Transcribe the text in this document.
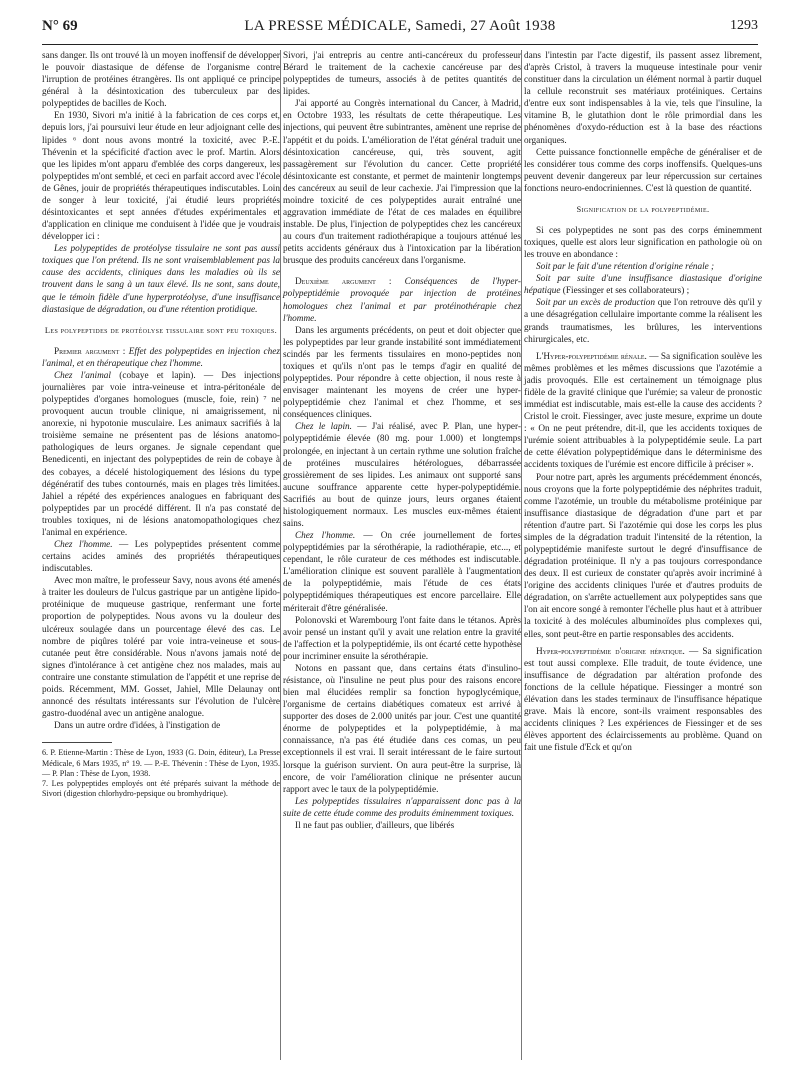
N° 69	LA PRESSE MÉDICALE, Samedi, 27 Août 1938	1293

sans danger. Ils ont trouvé là un moyen inoffensif de développer le pouvoir diastasique de défense de l'organisme contre l'irruption de protéines étrangères. Ils ont appliqué ce principe général à la désintoxication des tuberculeux par des polypeptides de bacilles de Koch.

En 1930, Sivori m'a initié à la fabrication de ces corps et, depuis lors, j'ai poursuivi leur étude en leur adjoignant celle des lipides ⁶ dont nous avons montré la toxicité, avec P.-E. Thévenin et la spécificité d'action avec le prof. Martin. Alors que les lipides m'ont apparu d'emblée des corps dangereux, les polypeptides m'ont semblé, et ceci en parfait accord avec l'école de Gênes, jouir de propriétés thérapeutiques indiscutables. Loin de songer à leur toxicité, j'ai étudié leurs propriétés désintoxicantes et sept années d'études expérimentales et d'application en clinique me conduisent à l'idée que je voudrais développer ici :

Les polypeptides de protéolyse tissulaire ne sont pas aussi toxiques que l'on prétend. Ils ne sont vraisemblablement pas la cause des accidents, cliniques dans les maladies où ils se trouvent dans le sang à un taux élevé. Ils ne sont, sans doute, que le témoin fidèle d'une hyperprotéolyse, d'une insuffisance diastasique de dégradation, ou d'une rétention protidique.

Les polypeptides de protéolyse tissulaire sont peu toxiques.

Premier argument : Effet des polypeptides en injection chez l'animal, et en thérapeutique chez l'homme.

Chez l'animal (cobaye et lapin). — Des injections journalières par voie intra-veineuse et intra-péritonéale de polypeptides d'organes homologues (muscle, foie, rein) ⁷ ne provoquent aucun trouble clinique, ni amaigrissement, ni anorexie, ni hypotonie musculaire. Les animaux sacrifiés à la troisième semaine ne présentent pas de lésions anatomo-pathologiques de leurs organes. Je signale cependant que Benedicenti, en injectant des polypeptides de rein de cobaye à des cobayes, a décelé histologiquement des lésions du type dégénératif des tubes contournés, mais en plages très limitées. Jahiel a répété des expériences analogues en fabriquant des polypeptides par un procédé différent. Il n'a pas constaté de troubles toxiques, ni de lésions anatomopathologiques chez l'animal en expérience.

Chez l'homme. — Les polypeptides présentent comme certains acides aminés des propriétés thérapeutiques indiscutables.

Avec mon maître, le professeur Savy, nous avons été amenés à traiter les douleurs de l'ulcus gastrique par un antigène lipido-protéinique de muqueuse gastrique, renfermant une forte proportion de polypeptides. Nous avons vu la douleur des ulcéreux soulagée dans un pourcentage élevé des cas. Le nombre de piqûres toléré par voie intra-veineuse et sous-cutanée peut être considérable. Nous n'avons jamais noté de signes d'intolérance à cet antigène chez nos malades, mais au contraire une constante stimulation de l'appétit et une reprise de poids. Récemment, MM. Gosset, Jahiel, Mlle Delaunay ont annoncé des résultats intéressants sur l'évolution de l'ulcère gastro-duodénal avec un antigène analogue.

Dans un autre ordre d'idées, à l'instigation de

6. P. Etienne-Martin : Thèse de Lyon, 1933 (G. Doin, éditeur), La Presse Médicale, 6 Mars 1935, n° 19. — P.-E. Thévenin : Thèse de Lyon, 1935. — P. Plan : Thèse de Lyon, 1938.

7. Les polypeptides employés ont été préparés suivant la méthode de Sivori (digestion chlorhydro-pepsique ou bromhydrique).

Sivori, j'ai entrepris au centre anti-cancéreux du professeur Bérard le traitement de la cachexie cancéreuse par des polypeptides de tumeurs, associés à de petites quantités de lipides.

J'ai apporté au Congrès international du Cancer, à Madrid, en Octobre 1933, les résultats de cette thérapeutique. Les injections, qui peuvent être subintrantes, amènent une reprise de l'appétit et du poids. L'amélioration de l'état général traduit une désintoxication cancéreuse, qui, très souvent, agit passagèrement sur l'évolution du cancer. Cette propriété désintoxicante est constante, et permet de maintenir longtemps des cancéreux au seuil de leur cachexie. J'ai l'impression que la moindre toxicité de ces polypeptides aurait entraîné une aggravation immédiate de l'état de ces malades en équilibre instable. De plus, l'injection de polypeptides chez les cancéreux au cours d'un traitement radiothérapique a toujours atténué les petits accidents généraux dus à l'intoxication par la libération brusque des produits cancéreux dans l'organisme.

Deuxième argument : Conséquences de l'hyper-polypeptidémie provoquée par injection de protéines homologues chez l'animal et par protéinothérapie chez l'homme.

Dans les arguments précédents, on peut et doit objecter que les polypeptides par leur grande instabilité sont immédiatement scindés par les ferments tissulaires en mono-peptides non toxiques et qu'ils n'ont pas le temps d'agir en qualité de polypeptides. Pour répondre à cette objection, il nous reste à envisager maintenant les moyens de créer une hyper-polypeptidémie chez l'animal et chez l'homme, et ses conséquences cliniques.

Chez le lapin. — J'ai réalisé, avec P. Plan, une hyper-polypeptidémie élevée (80 mg. pour 1.000) et longtemps prolongée, en injectant à un certain rythme une solution fraîche de protéines musculaires hétérologues, débarrassée grossièrement de ses lipides. Les animaux ont supporté sans aucune souffrance apparente cette hyper-polypeptidémie. Sacrifiés au bout de quinze jours, leurs organes étaient histologiquement normaux. Les muscles eux-mêmes étaient sains.

Chez l'homme. — On crée journellement de fortes polypeptidémies par la sérothérapie, la radiothérapie, etc..., et cependant, le rôle curateur de ces méthodes est indiscutable. L'amélioration clinique est souvent parallèle à l'augmentation de la polypeptidémie, mais l'étude de ces états polypeptidémiques thérapeutiques est encore parcellaire. Elle mériterait d'être généralisée.

Polonovski et Warembourg l'ont faite dans le tétanos. Après avoir pensé un instant qu'il y avait une relation entre la gravité de l'affection et la polypeptidémie, ils ont écarté cette hypothèse pour incriminer ensuite la sérothérapie.

Notons en passant que, dans certains états d'insulino-résistance, où l'insuline ne peut plus pour des raisons encore bien mal élucidées remplir sa fonction hypoglycémique, l'organisme de certains diabétiques comateux est arrivé à supporter des doses de 2.000 unités par jour. C'est une quantité énorme de polypeptides et la polypeptidémie, à ma connaissance, n'a pas été étudiée dans ces comas, un peu exceptionnels il est vrai. Il serait intéressant de le faire surtout lorsque la guérison survient. On aura peut-être la surprise, là encore, de voir l'amélioration clinique ne présenter aucun rapport avec le taux de la polypeptidémie.

Les polypeptides tissulaires n'apparaissent donc pas à la suite de cette étude comme des produits éminemment toxiques.

Il ne faut pas oublier, d'ailleurs, que libérés

dans l'intestin par l'acte digestif, ils passent assez librement, d'après Cristol, à travers la muqueuse intestinale pour venir constituer dans la circulation un élément normal à partir duquel la cellule reconstruit ses matériaux protéiniques. Certains d'entre eux sont indispensables à la vie, tels que l'insuline, la vitamine B, le glutathion dont le rôle primordial dans les phénomènes d'oxydo-réduction est à la base des réactions organiques.

Cette puissance fonctionnelle empêche de généraliser et de les considérer tous comme des corps inoffensifs. Quelques-uns peuvent devenir dangereux par leur répercussion sur certaines fonctions neuro-endocriniennes. C'est là question de quantité.

Signification de la polypeptidémie.

Si ces polypeptides ne sont pas des corps éminemment toxiques, quelle est alors leur signification en pathologie où on les trouve en abondance :

Soit par le fait d'une rétention d'origine rénale ;

Soit par suite d'une insuffisance diastasique d'origine hépatique (Fiessinger et ses collaborateurs) ;

Soit par un excès de production que l'on retrouve dès qu'il y a une désagrégation cellulaire importante comme la réalisent les grands traumatismes, les brûlures, les interventions chirurgicales, etc.

L'Hyper-polypeptidémie rénale. — Sa signification soulève les mêmes problèmes et les mêmes discussions que l'azotémie a jadis provoqués. Elle est certainement un témoignage plus fidèle de la gravité clinique que l'urémie; sa valeur de pronostic immédiat est indiscutable, mais est-elle la cause des accidents ? Cristol le croit. Fiessinger, avec juste mesure, exprime un doute : « On ne peut prétendre, dit-il, que les accidents toxiques de l'urémie soient attribuables à la polypeptidémie seule. La part de cette élévation polypeptidémique dans le déterminisme des accidents toxiques de l'urémie est encore difficile à préciser ».

Pour notre part, après les arguments précédemment énoncés, nous croyons que la forte polypeptidémie des néphrites traduit, comme l'azotémie, un trouble du métabolisme protéinique par insuffisance diastasique de dégradation d'une part et par rétention d'autre part. Si l'azotémie qui dose les corps les plus simples de la dégradation traduit l'intensité de la rétention, la polypeptidémie manifeste surtout le degré d'insuffisance de dégradation protéinique. Il n'y a pas toujours correspondance des deux. Il est curieux de constater qu'après avoir incriminé à l'origine des accidents cliniques l'urée et d'autres produits de dégradation, on s'arrête actuellement aux polypeptides sans que l'on ait encore songé à remonter l'échelle plus haut et à attribuer la toxicité à des molécules albuminoïdes plus complexes qui, elles, sont peut-être en partie responsables des accidents.

Hyper-polypeptidémie d'origine hépatique. — Sa signification est tout aussi complexe. Elle traduit, de toute évidence, une insuffisance de dégradation par altération profonde des fonctions de la cellule hépatique. Fiessinger a montré son élévation dans les stades terminaux de l'insuffisance hépatique grave. Mais là encore, sont-ils vraiment responsables des accidents cliniques ? Les expériences de Fiessinger et de ses élèves apportent des éclaircissements au problème. Quand on fait une fistule d'Eck et qu'on
